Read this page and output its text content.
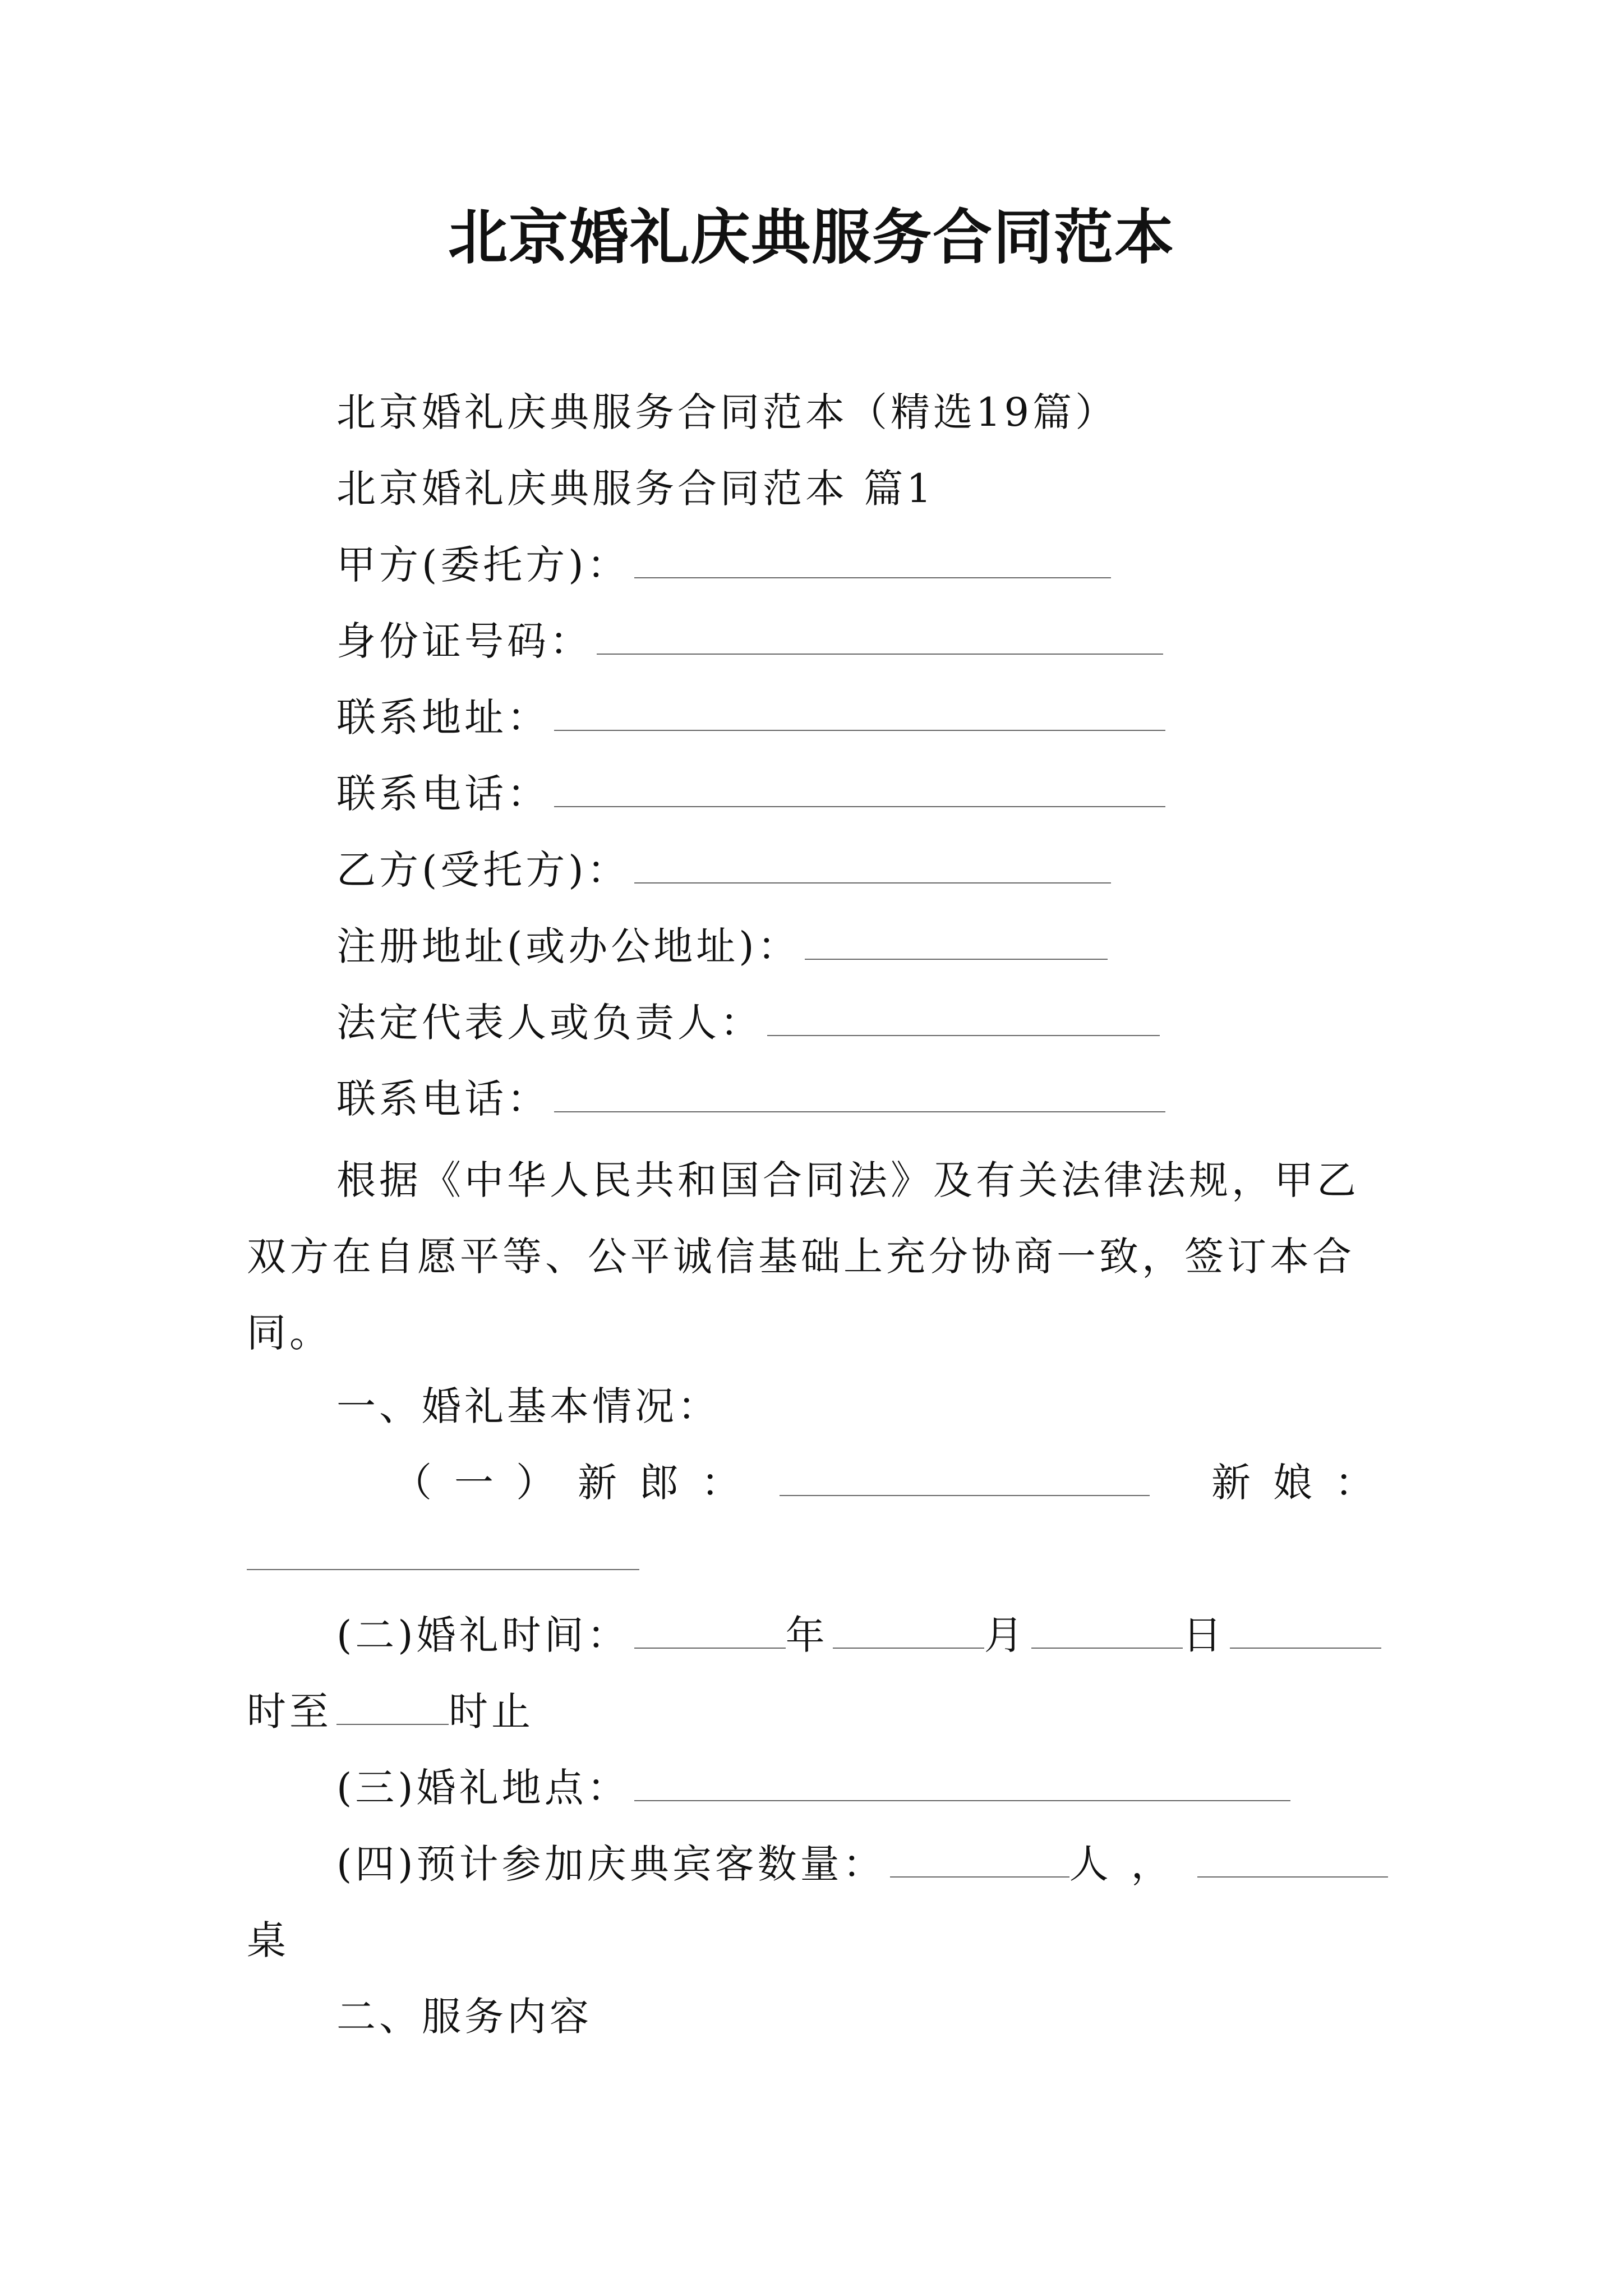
北京婚礼庆典服务合同范本
北京婚礼庆典服务合同范本（精选19篇）
北京婚礼庆典服务合同范本 篇1
甲方(委托方)：
身份证号码：
联系地址：
联系电话：
乙方(受托方)：
注册地址(或办公地址)：
法定代表人或负责人：
联系电话：
根据《中华人民共和国合同法》及有关法律法规，甲乙双方在自愿平等、公平诚信基础上充分协商一致，签订本合同。
一、婚礼基本情况：
（一）新郎：	新娘：
(二)婚礼时间：	年	月	日
时至	时止
(三)婚礼地点：
(四)预计参加庆典宾客数量：	人，
桌
二、服务内容
